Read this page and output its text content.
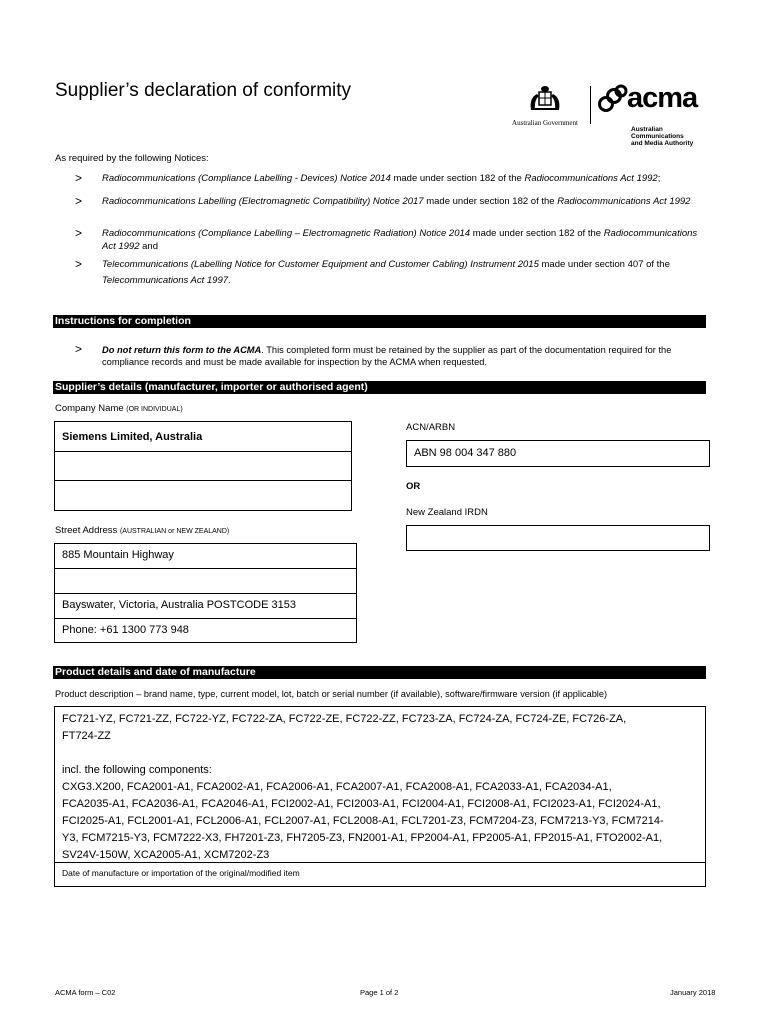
Supplier’s declaration of conformity
Australian Government
acma
Australian
Communications
and Media Authority
As required by the following Notices:
> Radiocommunications (Compliance Labelling - Devices) Notice 2014 made under section 182 of the Radiocommunications Act 1992;
> Radiocommunications Labelling (Electromagnetic Compatibility) Notice 2017 made under section 182 of the Radiocommunications Act 1992
> Radiocommunications (Compliance Labelling – Electromagnetic Radiation) Notice 2014 made under section 182 of the Radiocommunications Act 1992 and
> Telecommunications (Labelling Notice for Customer Equipment and Customer Cabling) Instrument 2015 made under section 407 of the Telecommunications Act 1997.
Instructions for completion
> Do not return this form to the ACMA. This completed form must be retained by the supplier as part of the documentation required for the compliance records and must be made available for inspection by the ACMA when requested.
Supplier’s details (manufacturer, importer or authorised agent)
Company Name (OR INDIVIDUAL)
Siemens Limited, Australia
ACN/ARBN
ABN 98 004 347 880
OR
New Zealand IRDN
Street Address (AUSTRALIAN or NEW ZEALAND)
885 Mountain Highway
Bayswater, Victoria, Australia POSTCODE 3153
Phone: +61 1300 773 948
Product details and date of manufacture
Product description – brand name, type, current model, lot, batch or serial number (if available), software/firmware version (if applicable)
FC721-YZ, FC721-ZZ, FC722-YZ, FC722-ZA, FC722-ZE, FC722-ZZ, FC723-ZA, FC724-ZA, FC724-ZE, FC726-ZA,
FT724-ZZ
incl. the following components:
CXG3.X200, FCA2001-A1, FCA2002-A1, FCA2006-A1, FCA2007-A1, FCA2008-A1, FCA2033-A1, FCA2034-A1,
FCA2035-A1, FCA2036-A1, FCA2046-A1, FCI2002-A1, FCI2003-A1, FCI2004-A1, FCI2008-A1, FCI2023-A1, FCI2024-A1,
FCI2025-A1, FCL2001-A1, FCL2006-A1, FCL2007-A1, FCL2008-A1, FCL7201-Z3, FCM7204-Z3, FCM7213-Y3, FCM7214-
Y3, FCM7215-Y3, FCM7222-X3, FH7201-Z3, FH7205-Z3, FN2001-A1, FP2004-A1, FP2005-A1, FP2015-A1, FTO2002-A1,
SV24V-150W, XCA2005-A1, XCM7202-Z3
Date of manufacture or importation of the original/modified item
ACMA form – C02	Page 1 of 2	January 2018
